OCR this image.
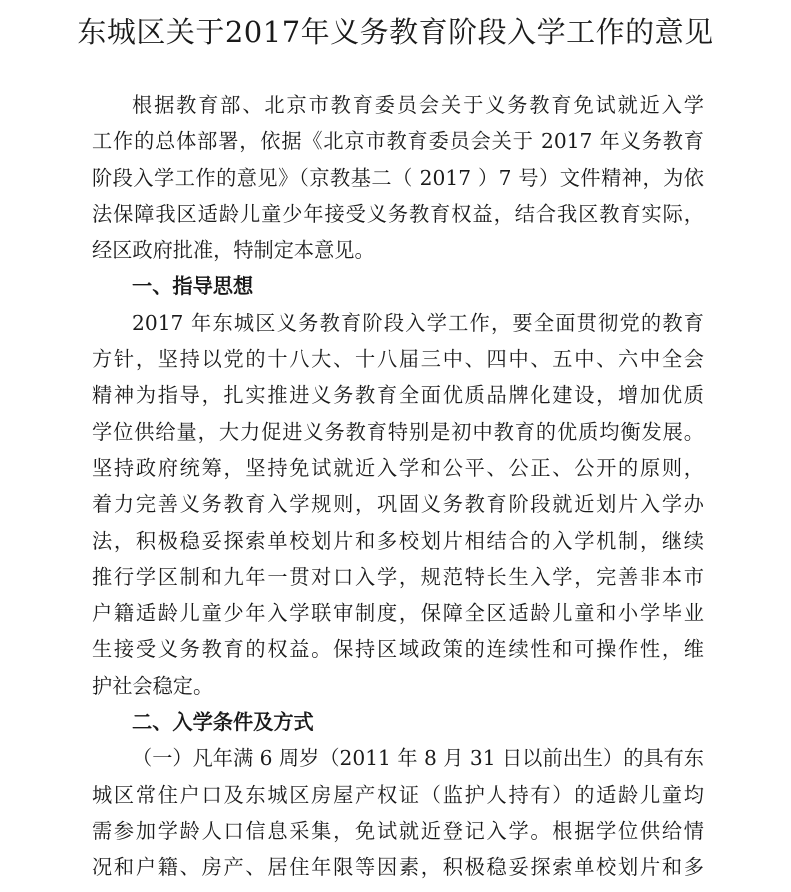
东城区关于2017年义务教育阶段入学工作的意见
根据教育部、北京市教育委员会关于义务教育免试就近入学
工作的总体部署，依据《北京市教育委员会关于 2017 年义务教育
阶段入学工作的意见》（京教基二（ 2017 ）7 号）文件精神，为依
法保障我区适龄儿童少年接受义务教育权益，结合我区教育实际，
经区政府批准，特制定本意见。
一、指导思想
2017 年东城区义务教育阶段入学工作，要全面贯彻党的教育
方针，坚持以党的十八大、十八届三中、四中、五中、六中全会
精神为指导，扎实推进义务教育全面优质品牌化建设，增加优质
学位供给量，大力促进义务教育特别是初中教育的优质均衡发展。
坚持政府统筹，坚持免试就近入学和公平、公正、公开的原则，
着力完善义务教育入学规则，巩固义务教育阶段就近划片入学办
法，积极稳妥探索单校划片和多校划片相结合的入学机制，继续
推行学区制和九年一贯对口入学，规范特长生入学，完善非本市
户籍适龄儿童少年入学联审制度，保障全区适龄儿童和小学毕业
生接受义务教育的权益。保持区域政策的连续性和可操作性，维
护社会稳定。
二、入学条件及方式
（一）凡年满 6 周岁（2011 年 8 月 31 日以前出生）的具有东
城区常住户口及东城区房屋产权证（监护人持有）的适龄儿童均
需参加学龄人口信息采集，免试就近登记入学。根据学位供给情
况和户籍、房产、居住年限等因素，积极稳妥探索单校划片和多
